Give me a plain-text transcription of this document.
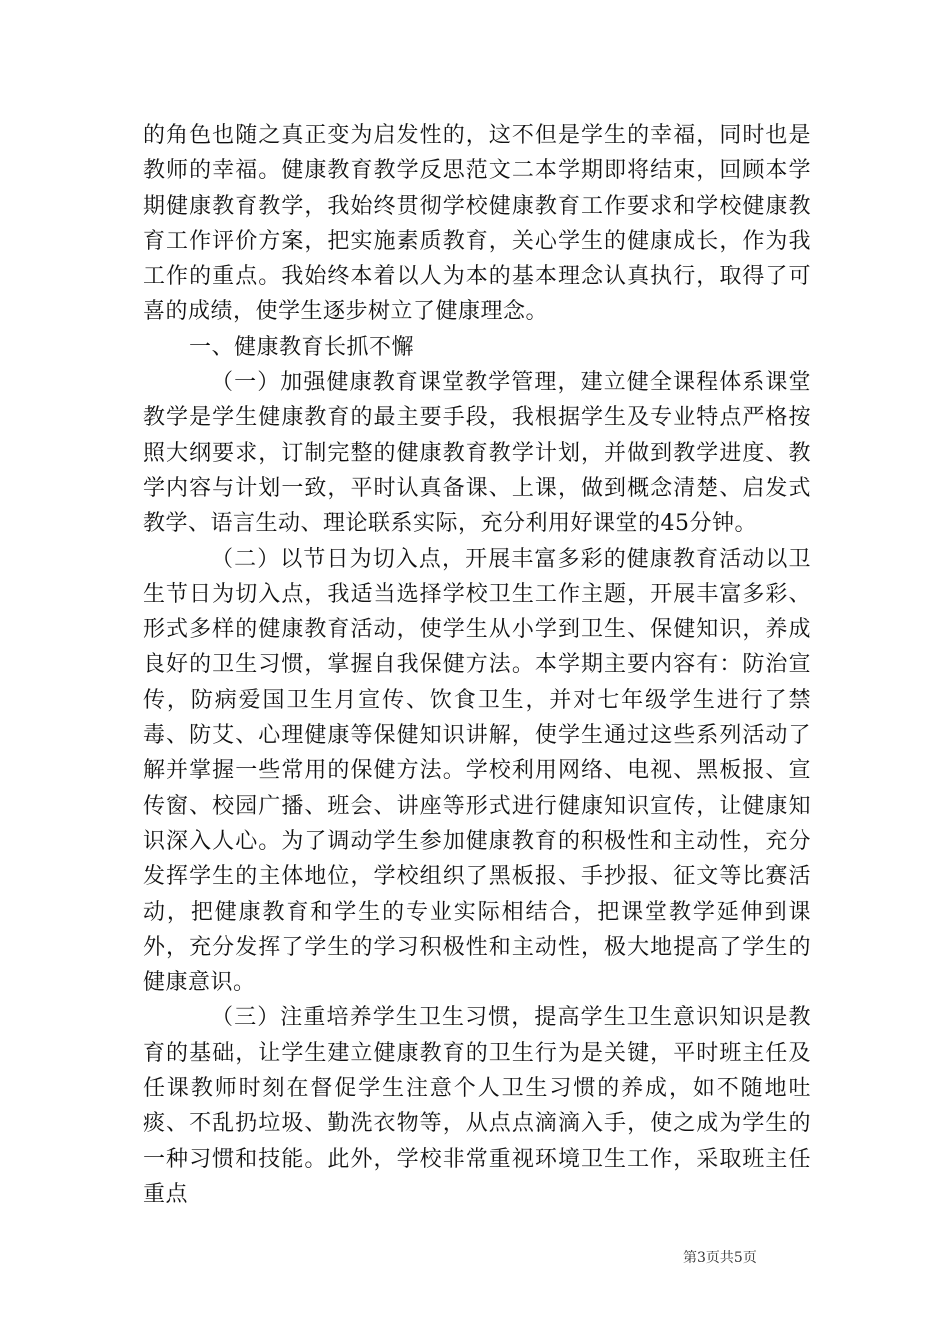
的角色也随之真正变为启发性的，这不但是学生的幸福，同时也是教师的幸福。健康教育教学反思范文二本学期即将结束，回顾本学期健康教育教学，我始终贯彻学校健康教育工作要求和学校健康教育工作评价方案，把实施素质教育，关心学生的健康成长，作为我工作的重点。我始终本着以人为本的基本理念认真执行，取得了可喜的成绩，使学生逐步树立了健康理念。

一、健康教育长抓不懈

（一）加强健康教育课堂教学管理，建立健全课程体系课堂教学是学生健康教育的最主要手段，我根据学生及专业特点严格按照大纲要求，订制完整的健康教育教学计划，并做到教学进度、教学内容与计划一致，平时认真备课、上课，做到概念清楚、启发式教学、语言生动、理论联系实际，充分利用好课堂的45分钟。

（二）以节日为切入点，开展丰富多彩的健康教育活动以卫生节日为切入点，我适当选择学校卫生工作主题，开展丰富多彩、形式多样的健康教育活动，使学生从小学到卫生、保健知识，养成良好的卫生习惯，掌握自我保健方法。本学期主要内容有：防治宣传，防病爱国卫生月宣传、饮食卫生，并对七年级学生进行了禁毒、防艾、心理健康等保健知识讲解，使学生通过这些系列活动了解并掌握一些常用的保健方法。学校利用网络、电视、黑板报、宣传窗、校园广播、班会、讲座等形式进行健康知识宣传，让健康知识深入人心。为了调动学生参加健康教育的积极性和主动性，充分发挥学生的主体地位，学校组织了黑板报、手抄报、征文等比赛活动，把健康教育和学生的专业实际相结合，把课堂教学延伸到课外，充分发挥了学生的学习积极性和主动性，极大地提高了学生的健康意识。

（三）注重培养学生卫生习惯，提高学生卫生意识知识是教育的基础，让学生建立健康教育的卫生行为是关键，平时班主任及任课教师时刻在督促学生注意个人卫生习惯的养成，如不随地吐痰、不乱扔垃圾、勤洗衣物等，从点点滴滴入手，使之成为学生的一种习惯和技能。此外，学校非常重视环境卫生工作，采取班主任重点

第3页共5页
